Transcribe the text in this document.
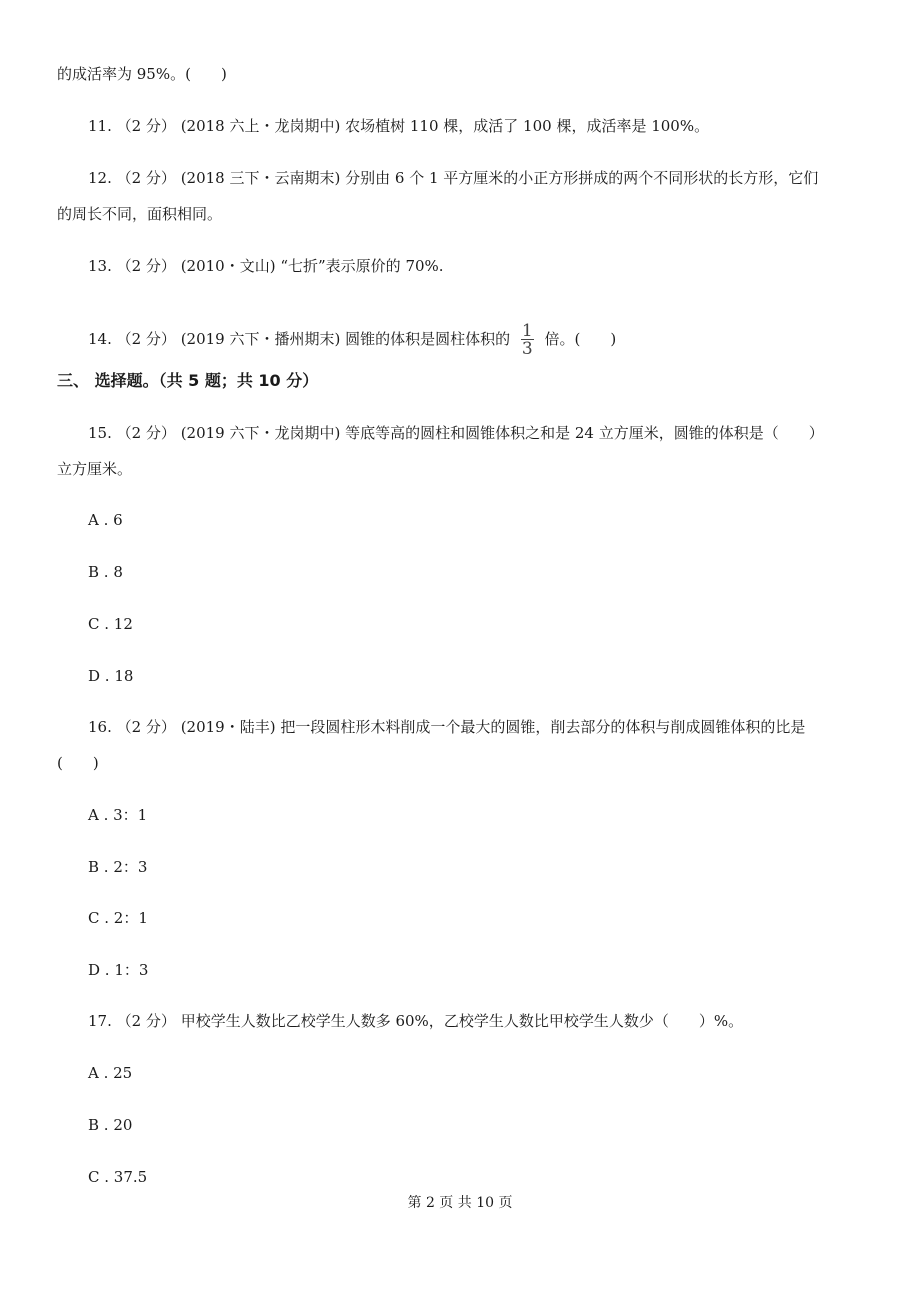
的成活率为 95%。(　　)
11. （2 分） (2018 六上・龙岗期中) 农场植树 110 棵，成活了 100 棵，成活率是 100%。
12. （2 分） (2018 三下・云南期末) 分别由 6 个 1 平方厘米的小正方形拼成的两个不同形状的长方形，它们
的周长不同，面积相同。
13. （2 分） (2010・文山) “七折”表示原价的 70%.
14. （2 分） (2019 六下・播州期末) 圆锥的体积是圆柱体积的 $\frac{1}{3}$ 倍。(　　)
三、 选择题。（共 5 题；共 10 分）
15. （2 分） (2019 六下・龙岗期中) 等底等高的圆柱和圆锥体积之和是 24 立方厘米，圆锥的体积是（　　）
立方厘米。
A . 6
B . 8
C . 12
D . 18
16. （2 分） (2019・陆丰) 把一段圆柱形木料削成一个最大的圆锥，削去部分的体积与削成圆锥体积的比是
(　　)
A . 3：1
B . 2：3
C . 2：1
D . 1：3
17. （2 分） 甲校学生人数比乙校学生人数多 60%，乙校学生人数比甲校学生人数少（　　）%。
A . 25
B . 20
C . 37.5
第 2 页 共 10 页
